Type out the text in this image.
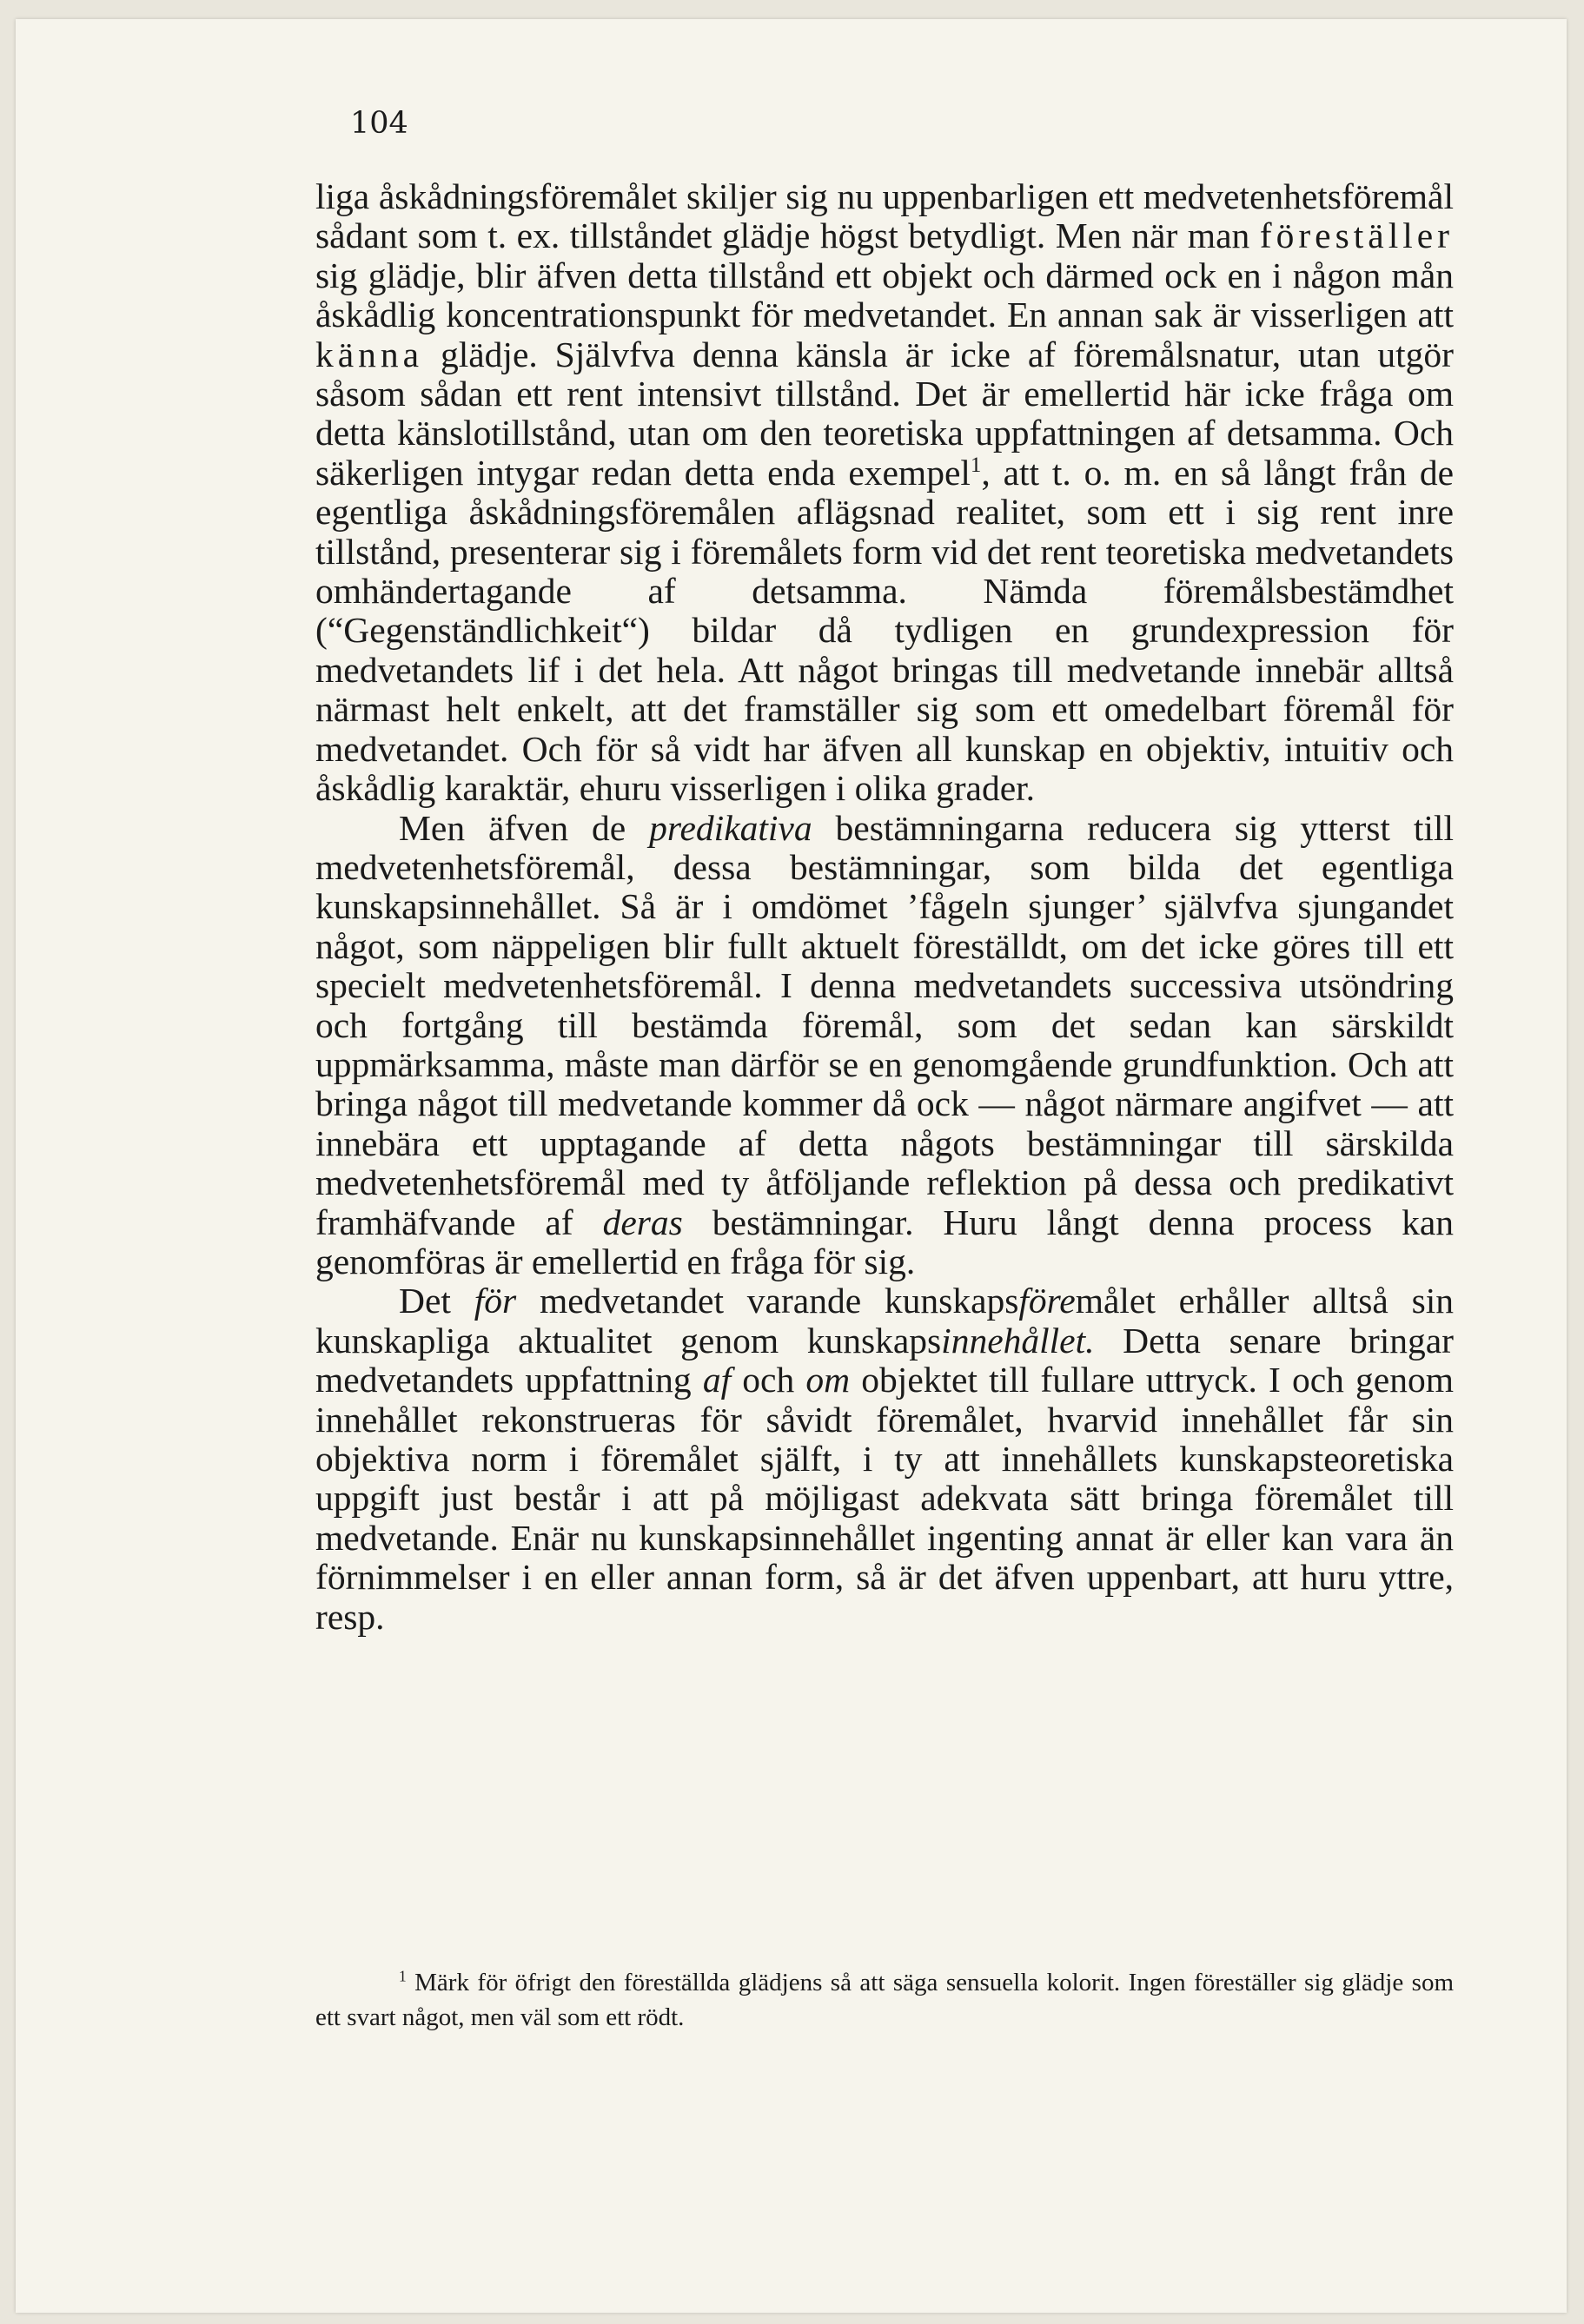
104

liga åskådningsföremålet skiljer sig nu uppenbarligen ett medvetenhetsföremål sådant som t. ex. tillståndet glädje högst betydligt. Men när man föreställer sig glädje, blir äfven detta tillstånd ett objekt och därmed ock en i någon mån åskådlig koncentrationspunkt för medvetandet. En annan sak är visserligen att känna glädje. Självfva denna känsla är icke af föremålsnatur, utan utgör såsom sådan ett rent intensivt tillstånd. Det är emellertid här icke fråga om detta känslotillstånd, utan om den teoretiska uppfattningen af detsamma. Och säkerligen intygar redan detta enda exempel$^1$, att t. o. m. en så långt från de egentliga åskådningsföremålen aflägsnad realitet, som ett i sig rent inre tillstånd, presenterar sig i föremålets form vid det rent teoretiska medvetandets omhändertagande af detsamma. Nämda föremålsbestämdhet (“Gegenständlichkeit“) bildar då tydligen en grundexpression för medvetandets lif i det hela. Att något bringas till medvetande innebär alltså närmast helt enkelt, att det framställer sig som ett omedelbart föremål för medvetandet. Och för så vidt har äfven all kunskap en objektiv, intuitiv och åskådlig karaktär, ehuru visserligen i olika grader.

Men äfven de predikativa bestämningarna reducera sig ytterst till medvetenhetsföremål, dessa bestämningar, som bilda det egentliga kunskapsinnehållet. Så är i omdömet ’fågeln sjunger’ självfva sjungandet något, som näppeligen blir fullt aktuelt föreställdt, om det icke göres till ett specielt medvetenhetsföremål. I denna medvetandets successiva utsöndring och fortgång till bestämda föremål, som det sedan kan särskildt uppmärksamma, måste man därför se en genomgående grundfunktion. Och att bringa något till medvetande kommer då ock — något närmare angifvet — att innebära ett upptagande af detta någots bestämningar till särskilda medvetenhetsföremål med ty åtföljande reflektion på dessa och predikativt framhäfvande af deras bestämningar. Huru långt denna process kan genomföras är emellertid en fråga för sig.

Det för medvetandet varande kunskapsföremålet erhåller alltså sin kunskapliga aktualitet genom kunskapsinnehållet. Detta senare bringar medvetandets uppfattning af och om objektet till fullare uttryck. I och genom innehållet rekonstrueras för såvidt föremålet, hvarvid innehållet får sin objektiva norm i föremålet själft, i ty att innehållets kunskapsteoretiska uppgift just består i att på möjligast adekvata sätt bringa föremålet till medvetande. Enär nu kunskapsinnehållet ingenting annat är eller kan vara än förnimmelser i en eller annan form, så är det äfven uppenbart, att huru yttre, resp.

$^1$ Märk för öfrigt den föreställda glädjens så att säga sensuella kolorit. Ingen föreställer sig glädje som ett svart något, men väl som ett rödt.
